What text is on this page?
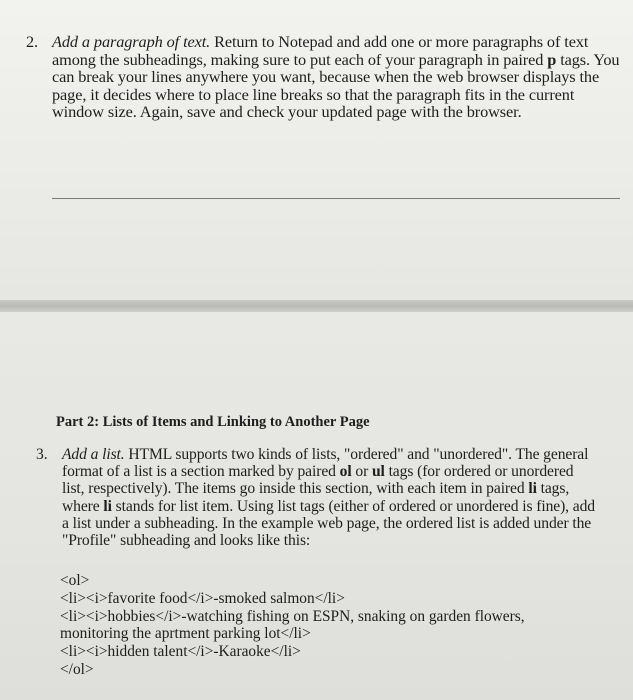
2. Add a paragraph of text. Return to Notepad and add one or more paragraphs of text among the subheadings, making sure to put each of your paragraph in paired p tags. You can break your lines anywhere you want, because when the web browser displays the page, it decides where to place line breaks so that the paragraph fits in the current window size. Again, save and check your updated page with the browser.

Part 2: Lists of Items and Linking to Another Page
3. Add a list. HTML supports two kinds of lists, "ordered" and "unordered". The general format of a list is a section marked by paired ol or ul tags (for ordered or unordered list, respectively). The items go inside this section, with each item in paired li tags, where li stands for list item. Using list tags (either of ordered or unordered is fine), add a list under a subheading. In the example web page, the ordered list is added under the "Profile" subheading and looks like this:

<ol>
<li><i>favorite food</i>-smoked salmon</li>
<li><i>hobbies</i>-watching fishing on ESPN, snaking on garden flowers, monitoring the aprtment parking lot</li>
<li><i>hidden talent</i>-Karaoke</li>
</ol>
